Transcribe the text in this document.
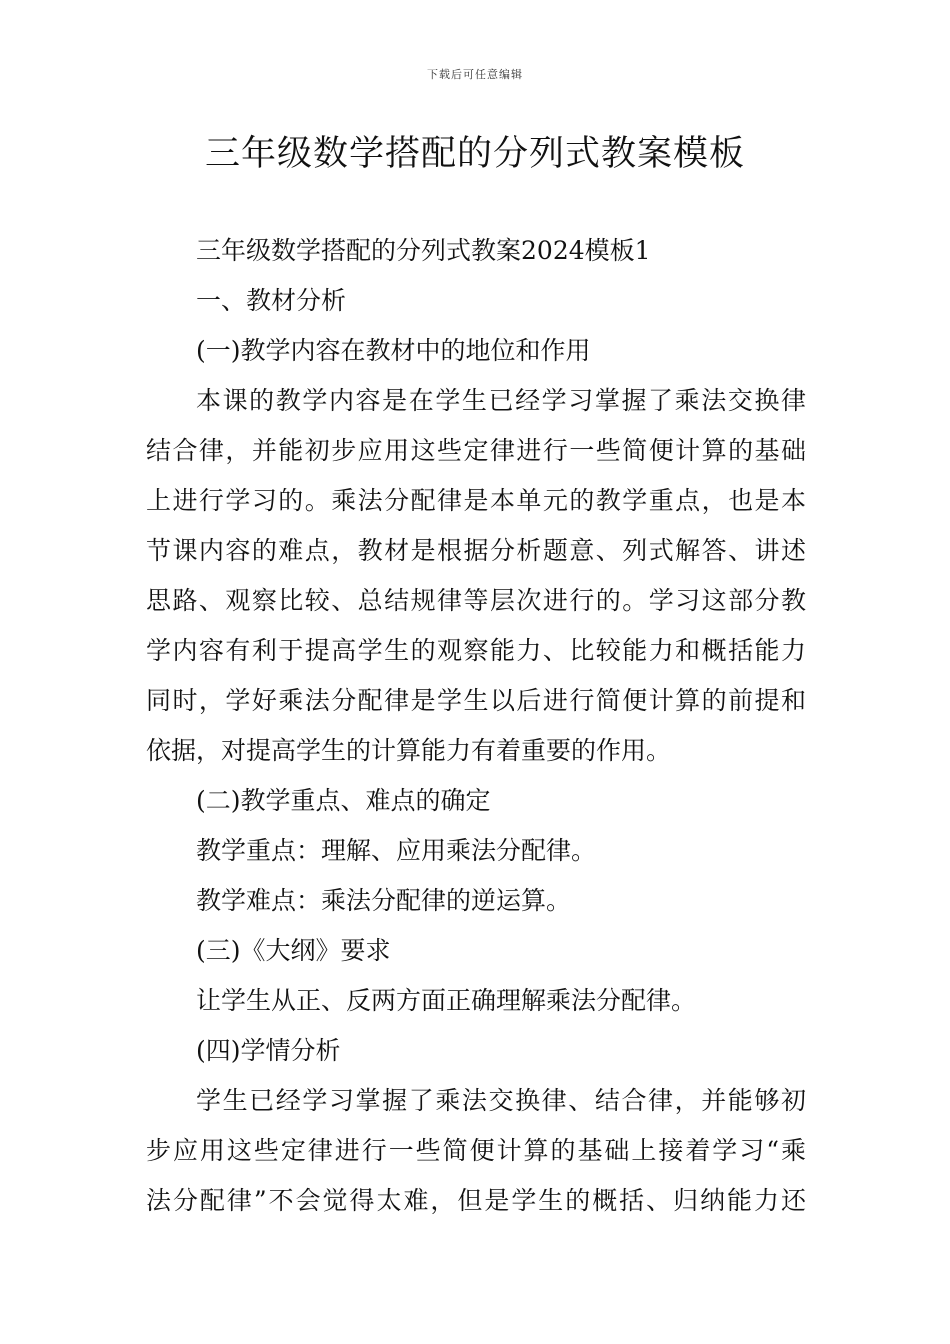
下载后可任意编辑
三年级数学搭配的分列式教案模板
三年级数学搭配的分列式教案2024模板1
一、教材分析
(一)教学内容在教材中的地位和作用
本课的教学内容是在学生已经学习掌握了乘法交换律
结合律，并能初步应用这些定律进行一些简便计算的基础
上进行学习的。乘法分配律是本单元的教学重点，也是本
节课内容的难点，教材是根据分析题意、列式解答、讲述
思路、观察比较、总结规律等层次进行的。学习这部分教
学内容有利于提高学生的观察能力、比较能力和概括能力
同时，学好乘法分配律是学生以后进行简便计算的前提和
依据，对提高学生的计算能力有着重要的作用。
(二)教学重点、难点的确定
教学重点：理解、应用乘法分配律。
教学难点：乘法分配律的逆运算。
(三)《大纲》要求
让学生从正、反两方面正确理解乘法分配律。
(四)学情分析
学生已经学习掌握了乘法交换律、结合律，并能够初
步应用这些定律进行一些简便计算的基础上接着学习“乘
法分配律”不会觉得太难，但是学生的概括、归纳能力还
